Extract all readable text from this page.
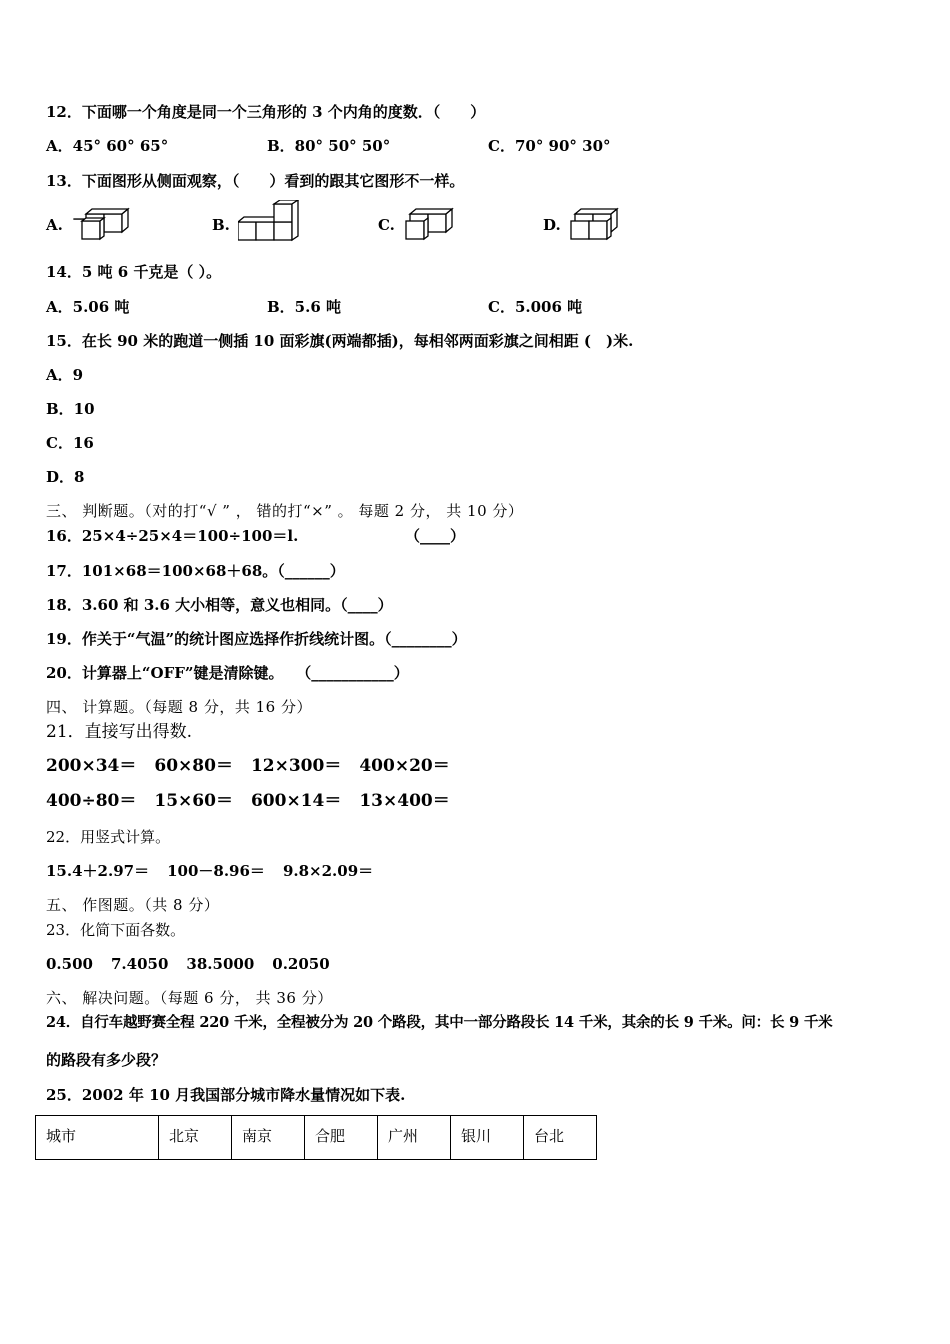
12．下面哪一个角度是同一个三角形的 3 个内角的度数．（　　）
A．45° 60° 65°	B．80° 50° 50°	C．70° 90° 30°
13．下面图形从侧面观察，（　　）看到的跟其它图形不一样。
A.	B.	C.	D.
14．5 吨 6 千克是（ ）。
A．5.06 吨	B．5.6 吨	C．5.006 吨
15．在长 90 米的跑道一侧插 10 面彩旗(两端都插)，每相邻两面彩旗之间相距 (　)米.
A．9
B．10
C．16
D．8
三、 判断题。（对的打“√ ” ， 错的打“×” 。 每题 2 分， 共 10 分）
16．25×4÷25×4＝100÷100＝l.	（____）
17．101×68＝100×68＋68。（______）
18．3.60 和 3.6 大小相等，意义也相同。（____）
19．作关于“气温”的统计图应选择作折线统计图。（________）
20．计算器上“OFF”键是清除键。　 （___________）
四、 计算题。（每题 8 分，共 16 分）
21．直接写出得数.
200×34＝ 60×80＝ 12×300＝ 400×20＝
400÷80＝ 15×60＝ 600×14＝ 13×400＝
22．用竖式计算。
15.4＋2.97＝ 100－8.96＝ 9.8×2.09＝
五、 作图题。（共 8 分）
23．化简下面各数。
0.500 7.4050 38.5000 0.2050
六、 解决问题。（每题 6 分， 共 36 分）
24．自行车越野赛全程 220 千米，全程被分为 20 个路段，其中一部分路段长 14 千米，其余的长 9 千米。问：长 9 千米
的路段有多少段？
25．2002 年 10 月我国部分城市降水量情况如下表.
城市	北京	南京	合肥	广州	银川	台北
